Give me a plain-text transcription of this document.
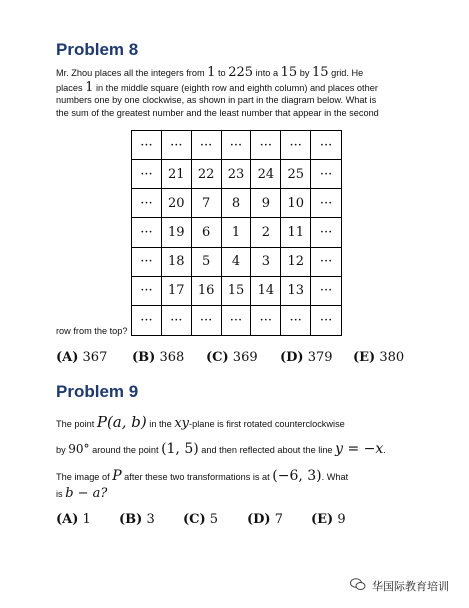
Problem 8
Mr. Zhou places all the integers from 1 to 225 into a 15 by 15 grid. He
places 1 in the middle square (eighth row and eighth column) and places other
numbers one by one clockwise, as shown in part in the diagram below. What is
the sum of the greatest number and the least number that appear in the second
···	···	···	···	···	···	···
···	21	22	23	24	25	···
···	20	7	8	9	10	···
···	19	6	1	2	11	···
···	18	5	4	3	12	···
···	17	16	15	14	13	···
···	···	···	···	···	···	···
row from the top?
(A) 367 (B) 368 (C) 369 (D) 379 (E) 380
Problem 9
The point P(a, b) in the xy-plane is first rotated counterclockwise
by 90° around the point (1, 5) and then reflected about the line y = −x.
The image of P after these two transformations is at (−6, 3). What
is b − a?
(A) 1 (B) 3 (C) 5 (D) 7 (E) 9
华国际教育培训
